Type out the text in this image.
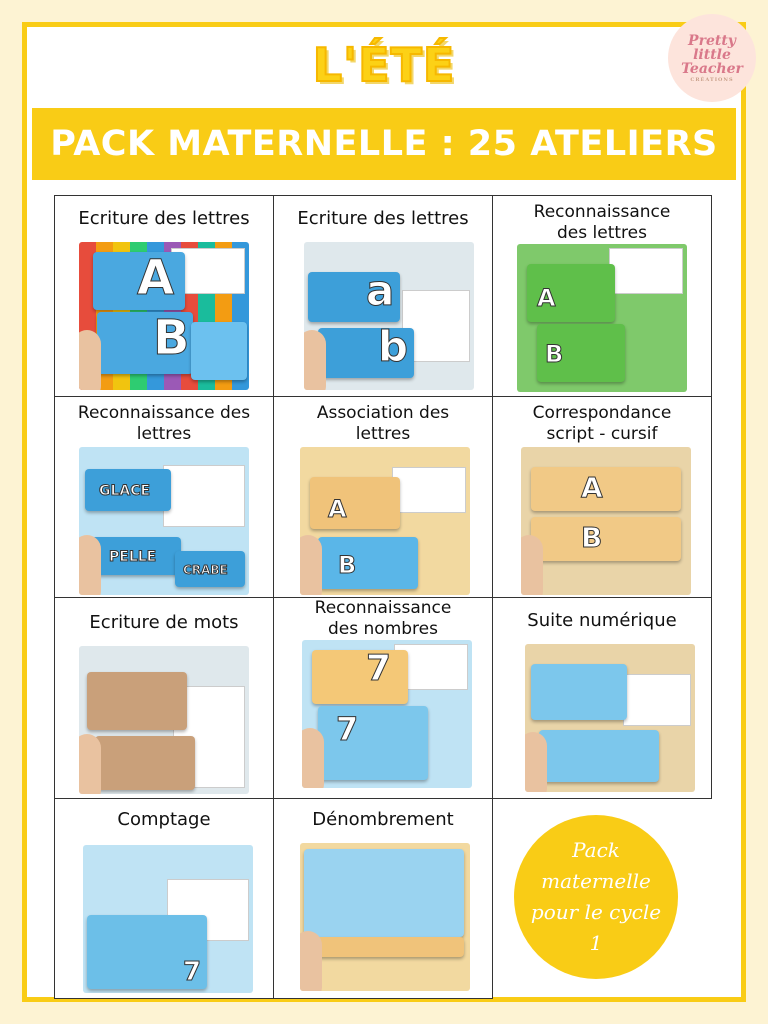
L'ÉTÉ	Pretty
little
Teacher
CRÉATIONS
PACK MATERNELLE : 25 ATELIERS
Ecriture des lettres
A
B
Ecriture des lettres
a
b
Reconnaissance des lettres
A
B
Reconnaissance des lettres
GLACE
PELLE
CRABE
Association des lettres
A
B
Correspondance script - cursif
A
B
Ecriture de mots
Reconnaissance des nombres
7
7
Suite numérique
Comptage
7
Dénombrement
Pack maternelle pour le cycle 1
